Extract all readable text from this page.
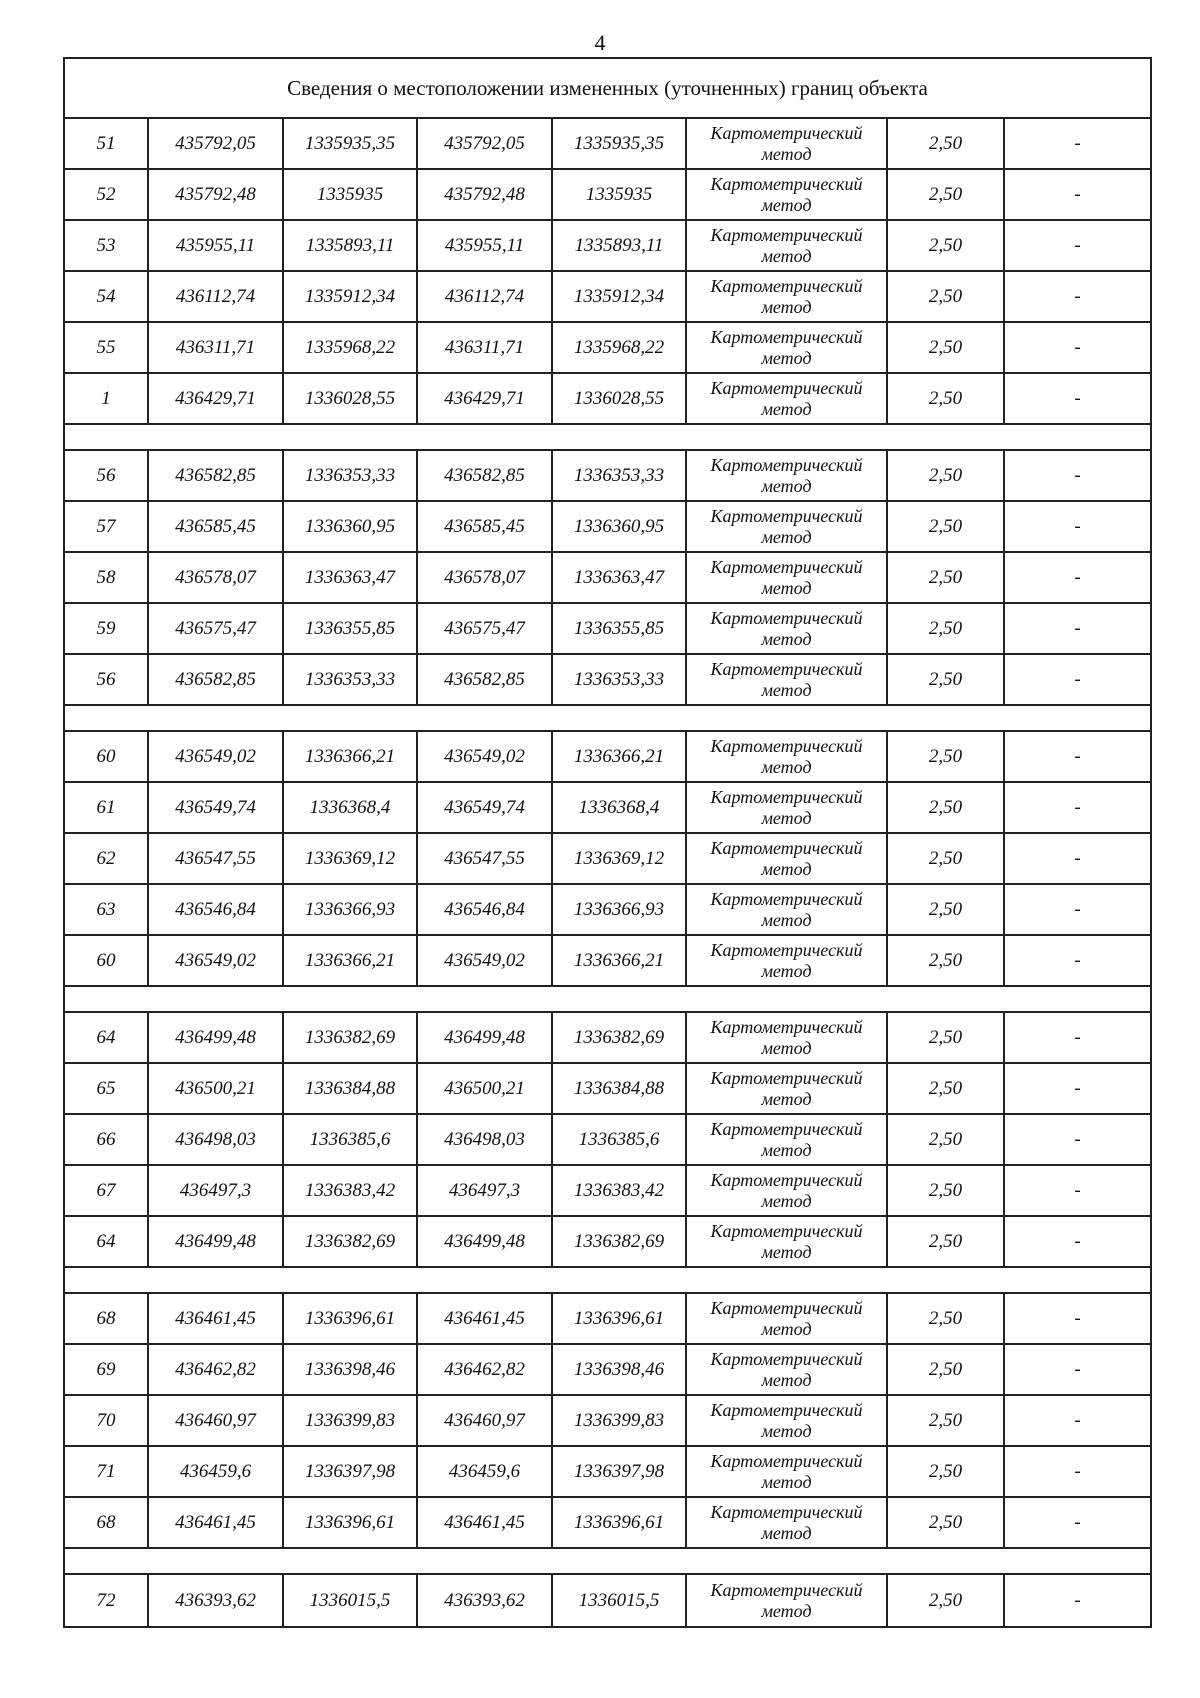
4
Сведения о местоположении измененных (уточненных) границ объекта
51	435792,05	1335935,35	435792,05	1335935,35	Картометрический метод	2,50	-
52	435792,48	1335935	435792,48	1335935	Картометрический метод	2,50	-
53	435955,11	1335893,11	435955,11	1335893,11	Картометрический метод	2,50	-
54	436112,74	1335912,34	436112,74	1335912,34	Картометрический метод	2,50	-
55	436311,71	1335968,22	436311,71	1335968,22	Картометрический метод	2,50	-
1	436429,71	1336028,55	436429,71	1336028,55	Картометрический метод	2,50	-
56	436582,85	1336353,33	436582,85	1336353,33	Картометрический метод	2,50	-
57	436585,45	1336360,95	436585,45	1336360,95	Картометрический метод	2,50	-
58	436578,07	1336363,47	436578,07	1336363,47	Картометрический метод	2,50	-
59	436575,47	1336355,85	436575,47	1336355,85	Картометрический метод	2,50	-
56	436582,85	1336353,33	436582,85	1336353,33	Картометрический метод	2,50	-
60	436549,02	1336366,21	436549,02	1336366,21	Картометрический метод	2,50	-
61	436549,74	1336368,4	436549,74	1336368,4	Картометрический метод	2,50	-
62	436547,55	1336369,12	436547,55	1336369,12	Картометрический метод	2,50	-
63	436546,84	1336366,93	436546,84	1336366,93	Картометрический метод	2,50	-
60	436549,02	1336366,21	436549,02	1336366,21	Картометрический метод	2,50	-
64	436499,48	1336382,69	436499,48	1336382,69	Картометрический метод	2,50	-
65	436500,21	1336384,88	436500,21	1336384,88	Картометрический метод	2,50	-
66	436498,03	1336385,6	436498,03	1336385,6	Картометрический метод	2,50	-
67	436497,3	1336383,42	436497,3	1336383,42	Картометрический метод	2,50	-
64	436499,48	1336382,69	436499,48	1336382,69	Картометрический метод	2,50	-
68	436461,45	1336396,61	436461,45	1336396,61	Картометрический метод	2,50	-
69	436462,82	1336398,46	436462,82	1336398,46	Картометрический метод	2,50	-
70	436460,97	1336399,83	436460,97	1336399,83	Картометрический метод	2,50	-
71	436459,6	1336397,98	436459,6	1336397,98	Картометрический метод	2,50	-
68	436461,45	1336396,61	436461,45	1336396,61	Картометрический метод	2,50	-
72	436393,62	1336015,5	436393,62	1336015,5	Картометрический метод	2,50	-
